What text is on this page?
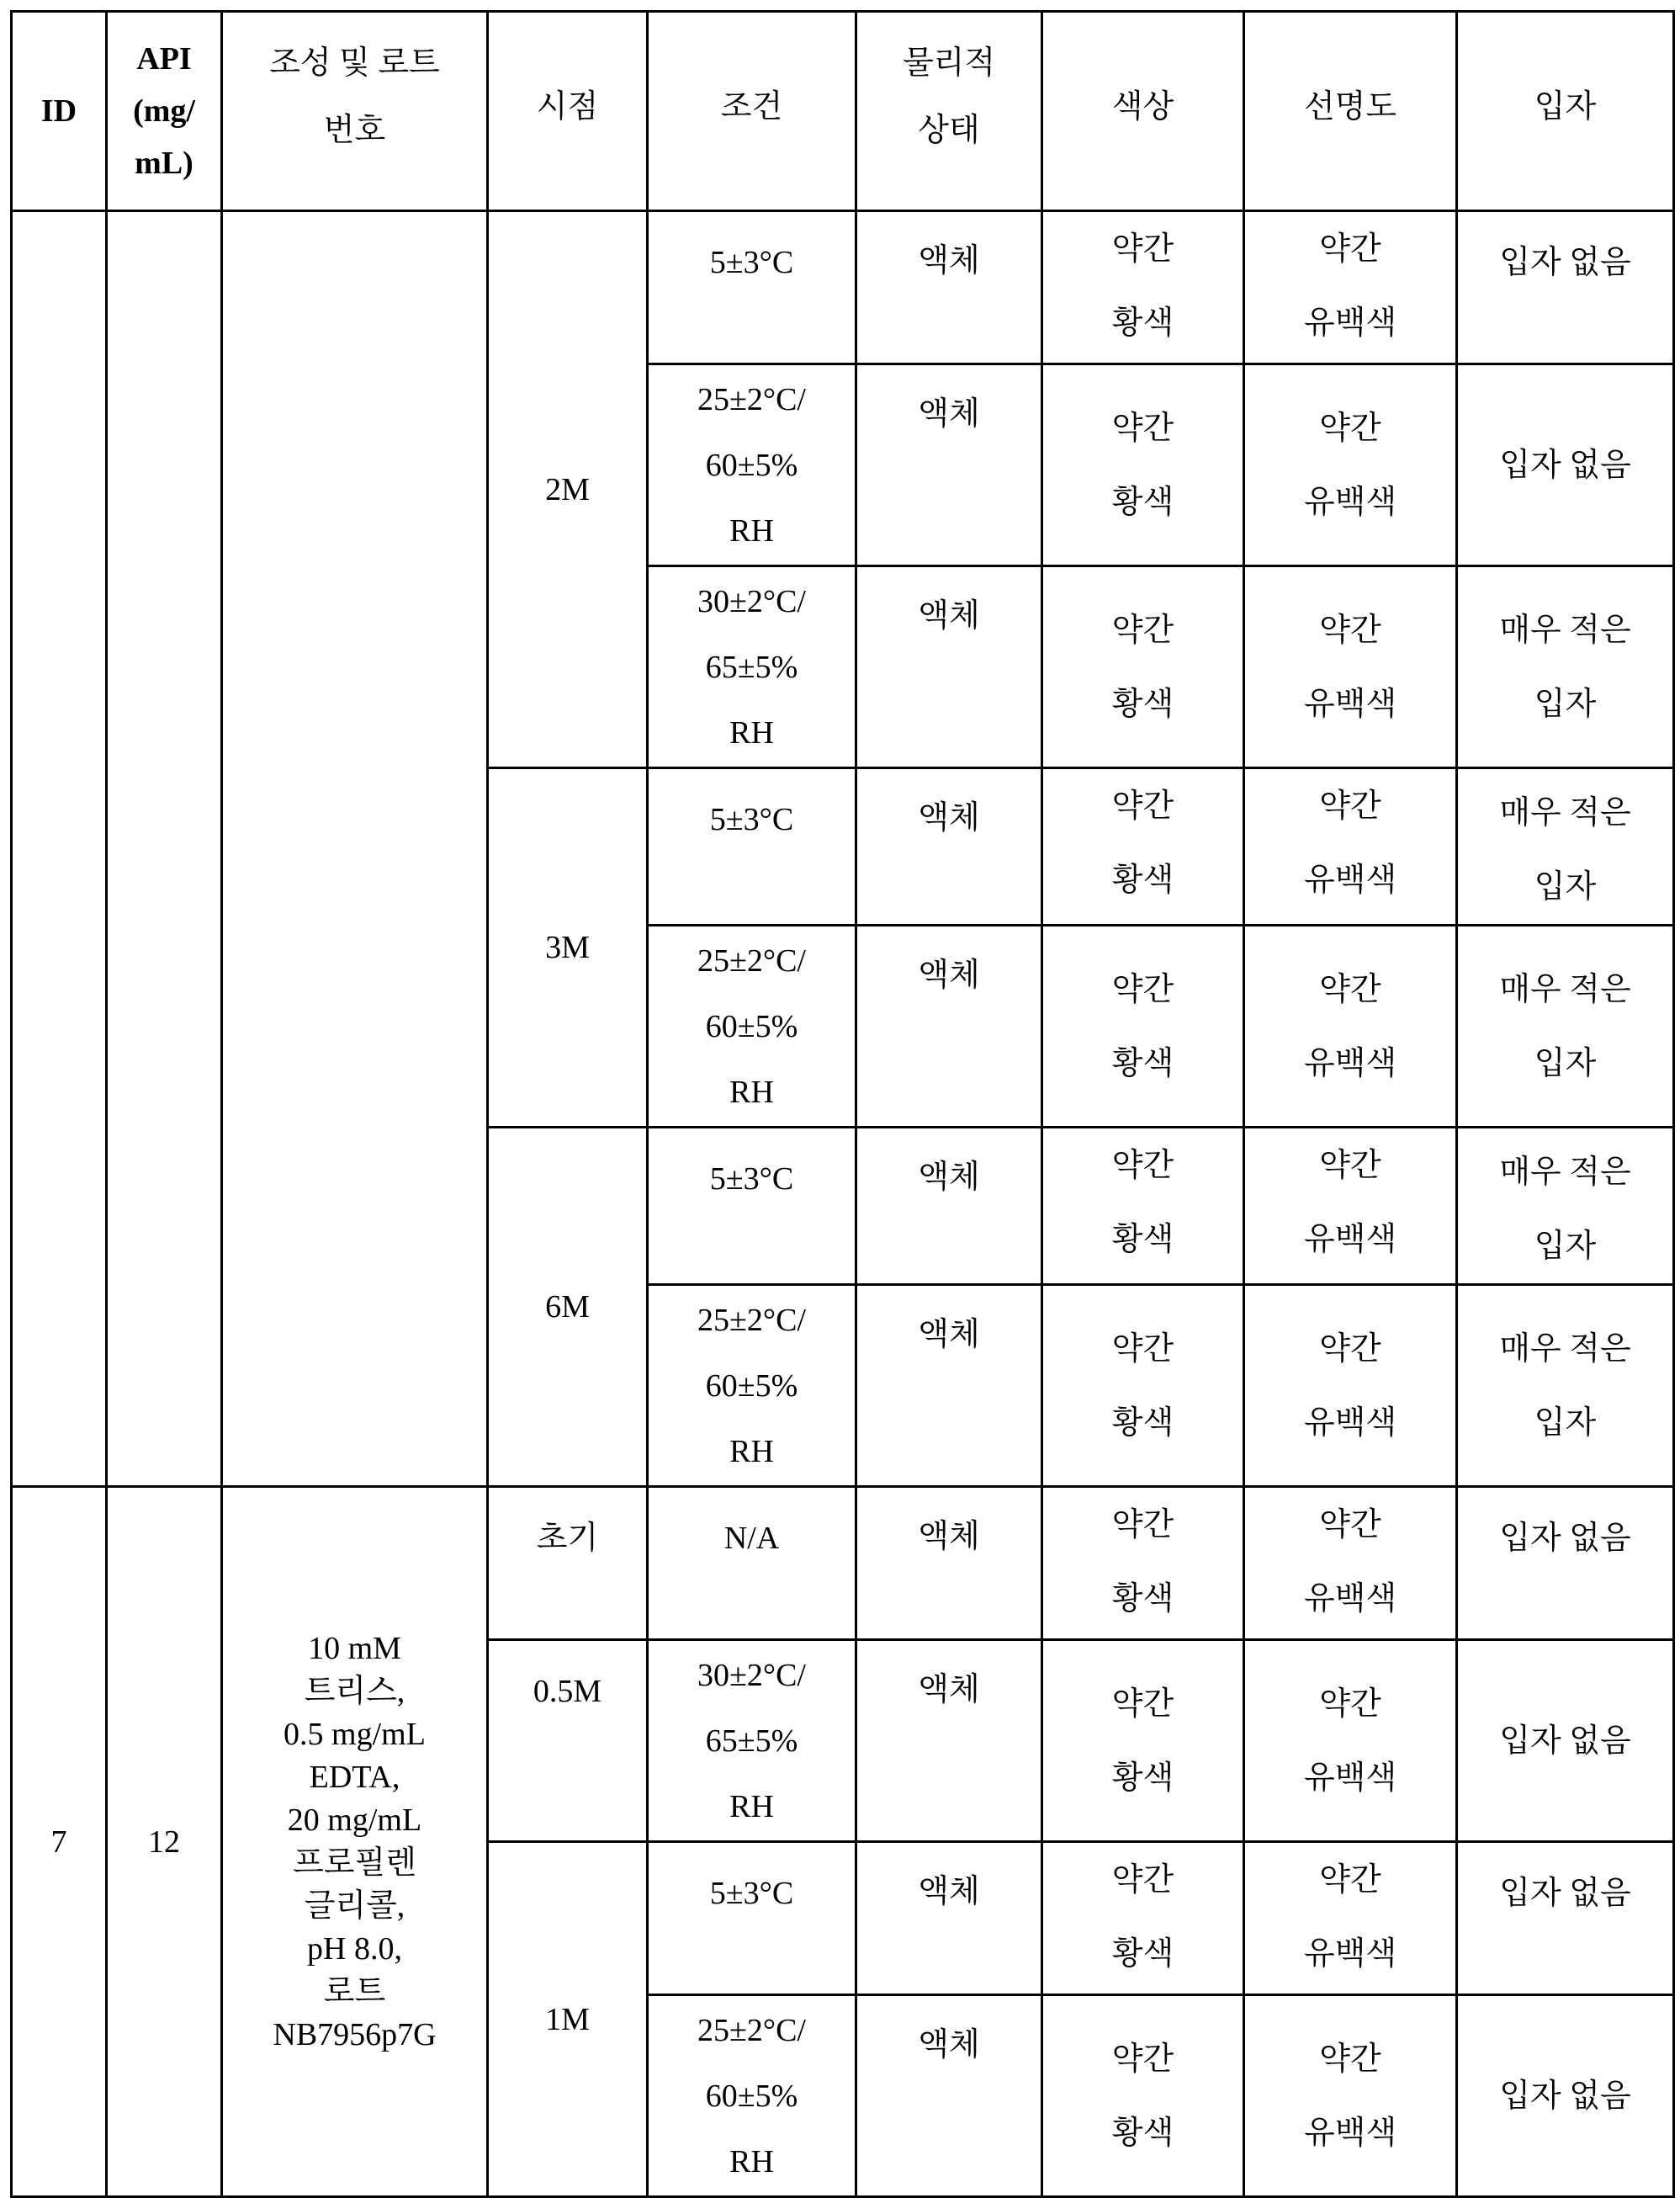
ID	
API
(mg/
mL)

조성 및 로트
번호
	시점	조건	
물리적
상태
	색상	선명도	입자
			2M	
5±3°C	액체	약간
황색

약간
유백색

입자 없음

25±2°C/
60±5%
RH
	액체	약간
황색

약간
유백색

입자 없음

30±2°C/
65±5%
RH
	액체	약간
황색

약간
유백색

매우 적은
입자

3M	
5±3°C	액체	약간
황색

약간
유백색

매우 적은
입자

25±2°C/
60±5%
RH
	액체	약간
황색

약간
유백색

매우 적은
입자

6M	
5±3°C	액체	약간
황색

약간
유백색

매우 적은
입자

25±2°C/
60±5%
RH
	액체	약간
황색

약간
유백색

매우 적은
입자

7	12	
10 mM
트리스,
0.5 mg/mL
EDTA,
20 mg/mL
프로필렌
글리콜,
pH 8.0,
로트
NB7956p7G
	초기	N/A	액체	약간
황색

약간
유백색

입자 없음

0.5M	30±2°C/
65±5%
RH
	액체	약간
황색

약간
유백색

입자 없음

1M	
5±3°C	액체	약간
황색

약간
유백색

입자 없음

25±2°C/
60±5%
RH
	액체	약간
황색

약간
유백색

입자 없음
